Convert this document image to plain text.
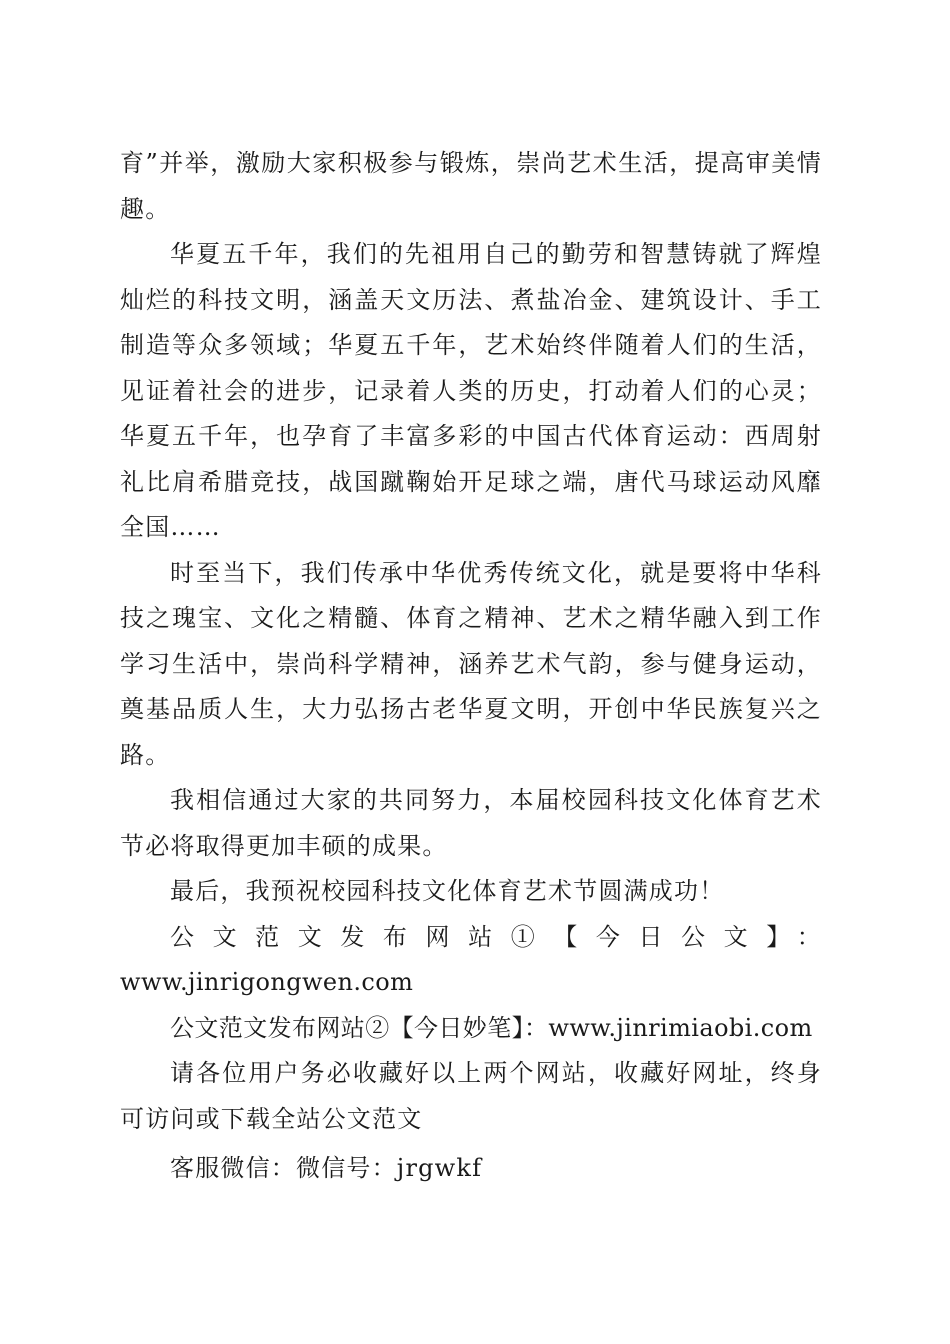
育”并举，激励大家积极参与锻炼，崇尚艺术生活，提高审美情趣。

华夏五千年，我们的先祖用自己的勤劳和智慧铸就了辉煌灿烂的科技文明，涵盖天文历法、煮盐冶金、建筑设计、手工制造等众多领域；华夏五千年，艺术始终伴随着人们的生活，见证着社会的进步，记录着人类的历史，打动着人们的心灵；华夏五千年，也孕育了丰富多彩的中国古代体育运动：西周射礼比肩希腊竞技，战国蹴鞠始开足球之端，唐代马球运动风靡全国……

时至当下，我们传承中华优秀传统文化，就是要将中华科技之瑰宝、文化之精髓、体育之精神、艺术之精华融入到工作学习生活中，崇尚科学精神，涵养艺术气韵，参与健身运动，奠基品质人生，大力弘扬古老华夏文明，开创中华民族复兴之路。

我相信通过大家的共同努力，本届校园科技文化体育艺术节必将取得更加丰硕的成果。

最后，我预祝校园科技文化体育艺术节圆满成功！

公文范文发布网站①【今日公文】：

www.jinrigongwen.com

公文范文发布网站②【今日妙笔】：www.jinrimiaobi.com

请各位用户务必收藏好以上两个网站，收藏好网址，终身可访问或下载全站公文范文

客服微信：微信号：jrgwkf
